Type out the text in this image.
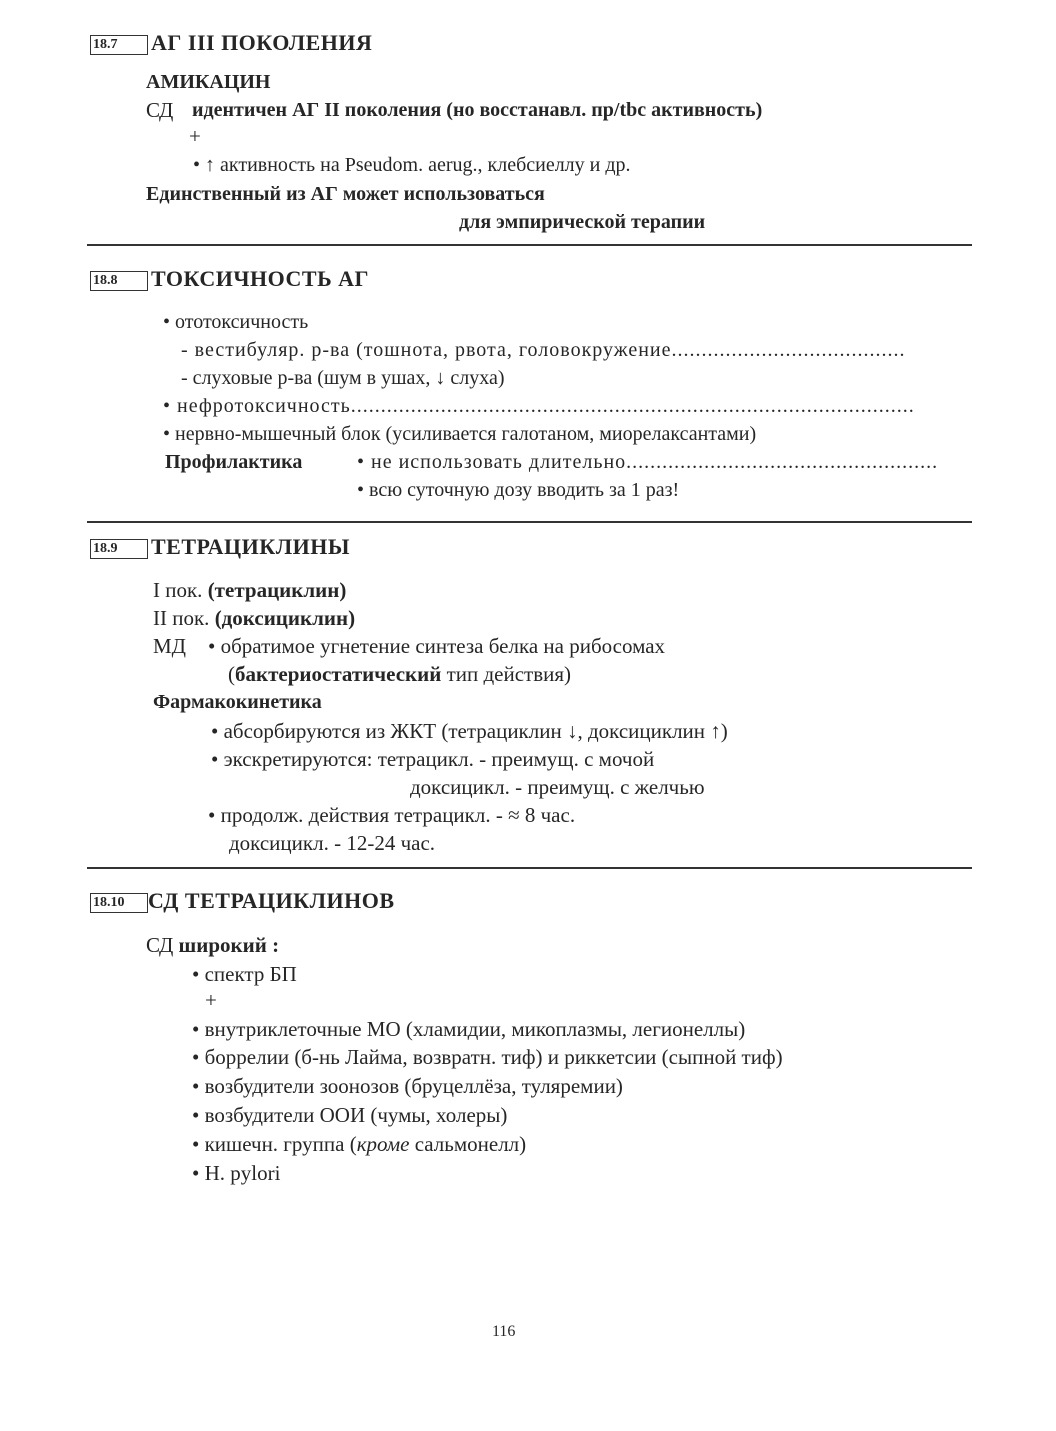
18.7	АГ III ПОКОЛЕНИЯ
АМИКАЦИН
СД идентичен АГ II поколения (но восстанавл. пр/tbc активность)
+
• ↑ активность на Pseudom. aerug., клебсиеллу и др.
Единственный из АГ может использоваться
для эмпирической терапии
18.8	ТОКСИЧНОСТЬ АГ
• ототоксичность
- вестибуляр. р-ва (тошнота, рвота, головокружение.......................................
- слуховые р-ва (шум в ушах, ↓ слуха)
• нефротоксичность..............................................................................................
• нервно-мышечный блок (усиливается галотаном, миорелаксантами)
Профилактика	• не использовать длительно....................................................
• всю суточную дозу вводить за 1 раз!
18.9	ТЕТРАЦИКЛИНЫ
I пок. (тетрациклин)
II пок. (доксициклин)
МД • обратимое угнетение синтеза белка на рибосомах
(бактериостатический тип действия)
Фармакокинетика
• абсорбируются из ЖКТ (тетрациклин ↓, доксициклин ↑)
• экскретируются: тетрацикл. - преимущ. с мочой
доксицикл. - преимущ. с желчью
• продолж. действия тетрацикл. - ≈ 8 час.
доксицикл. - 12-24 час.
18.10	СД ТЕТРАЦИКЛИНОВ
СД широкий :
• спектр БП
+
• внутриклеточные МО (хламидии, микоплазмы, легионеллы)
• боррелии (б-нь Лайма, возвратн. тиф) и риккетсии (сыпной тиф)
• возбудители зоонозов (бруцеллёза, туляремии)
• возбудители ООИ (чумы, холеры)
• кишечн. группа (кроме сальмонелл)
• H. pylori
116
